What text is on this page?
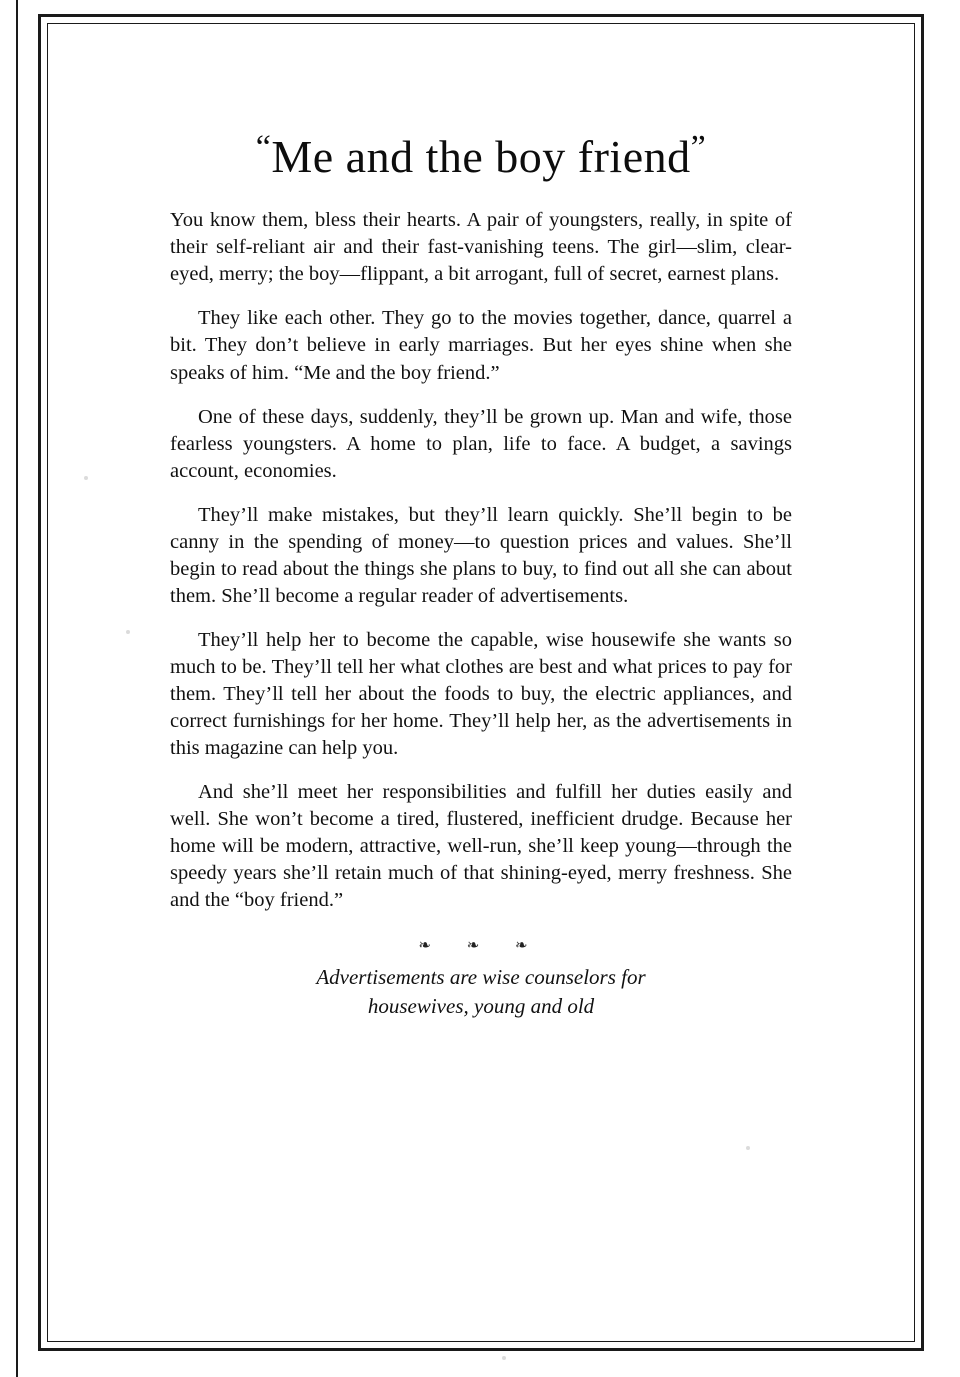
“Me and the boy friend”

You know them, bless their hearts. A pair of youngsters, really, in spite of their self-reliant air and their fast-vanishing teens. The girl—slim, clear-eyed, merry; the boy—flippant, a bit arrogant, full of secret, earnest plans.

They like each other. They go to the movies together, dance, quarrel a bit. They don’t believe in early marriages. But her eyes shine when she speaks of him. “Me and the boy friend.”

One of these days, suddenly, they’ll be grown up. Man and wife, those fearless youngsters. A home to plan, life to face. A budget, a savings account, economies.

They’ll make mistakes, but they’ll learn quickly. She’ll begin to be canny in the spending of money—to question prices and values. She’ll begin to read about the things she plans to buy, to find out all she can about them. She’ll become a regular reader of advertisements.

They’ll help her to become the capable, wise housewife she wants so much to be. They’ll tell her what clothes are best and what prices to pay for them. They’ll tell her about the foods to buy, the electric appliances, and correct furnishings for her home. They’ll help her, as the advertisements in this magazine can help you.

And she’ll meet her responsibilities and fulfill her duties easily and well. She won’t become a tired, flustered, inefficient drudge. Because her home will be modern, attractive, well-run, she’ll keep young—through the speedy years she’ll retain much of that shining-eyed, merry freshness. She and the “boy friend.”

❧ ❧ ❧
Advertisements are wise counselors for
housewives, young and old
